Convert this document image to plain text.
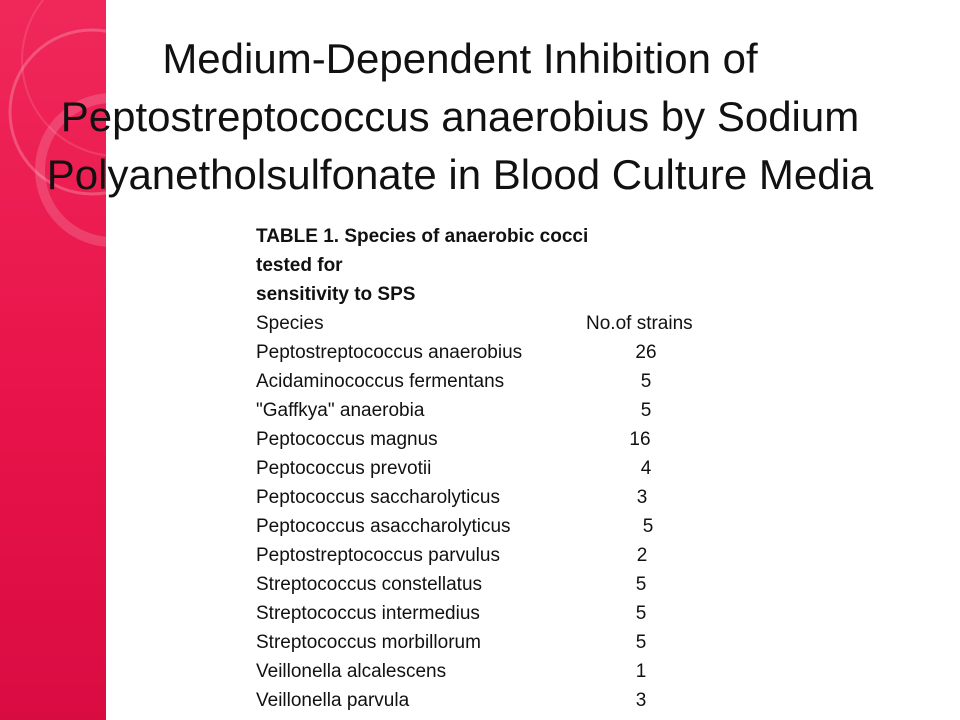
Medium-Dependent Inhibition of
Peptostreptococcus anaerobius by Sodium
Polyanetholsulfonate in Blood Culture Media
TABLE 1. Species of anaerobic cocci
tested for
sensitivity to SPS
Species	No.of strains
Peptostreptococcus anaerobius	26
Acidaminococcus fermentans	5
"Gaffkya" anaerobia	5
Peptococcus magnus	16
Peptococcus prevotii	4
Peptococcus saccharolyticus	3
Peptococcus asaccharolyticus	5
Peptostreptococcus parvulus	2
Streptococcus constellatus	5
Streptococcus intermedius	5
Streptococcus morbillorum	5
Veillonella alcalescens	1
Veillonella parvula	3
